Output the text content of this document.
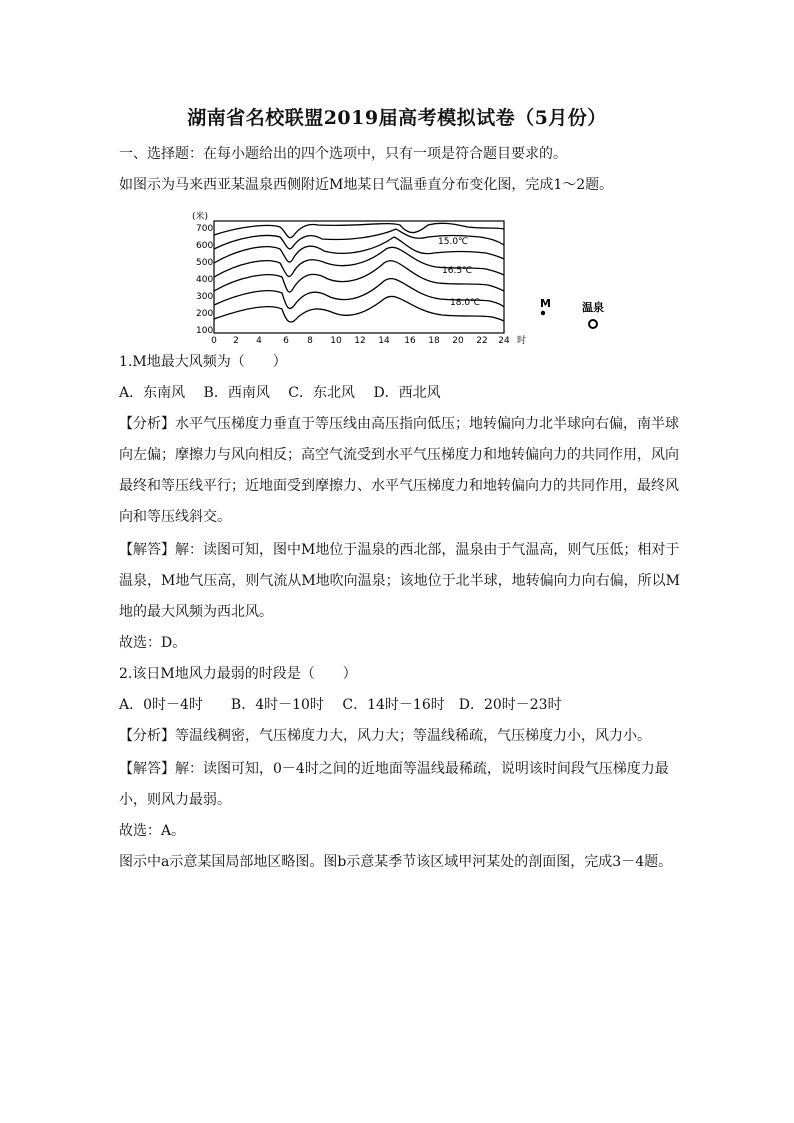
湖南省名校联盟2019届高考模拟试卷（5月份）
一、选择题：在每小题给出的四个选项中，只有一项是符合题目要求的。
如图示为马来西亚某温泉西侧附近M地某日气温垂直分布变化图，完成1～2题。
(米)
700
600
500
400
300
200
100
0 2 4 6 8 10 12 14 16 18 20 22 24 时
15.0℃
16.5℃
18.0℃	M	温泉
1.M地最大风频为（　　）
A．东南风　 B．西南风　 C．东北风　 D．西北风
【分析】水平气压梯度力垂直于等压线由高压指向低压；地转偏向力北半球向右偏，南半球
向左偏；摩擦力与风向相反；高空气流受到水平气压梯度力和地转偏向力的共同作用，风向
最终和等压线平行；近地面受到摩擦力、水平气压梯度力和地转偏向力的共同作用，最终风
向和等压线斜交。
【解答】解：读图可知，图中M地位于温泉的西北部，温泉由于气温高，则气压低；相对于
温泉，M地气压高，则气流从M地吹向温泉；该地位于北半球，地转偏向力向右偏，所以M
地的最大风频为西北风。
故选：D。
2.该日M地风力最弱的时段是（　　）
A．0时－4时　　B．4时－10时　 C．14时－16时　D．20时－23时
【分析】等温线稠密，气压梯度力大，风力大；等温线稀疏，气压梯度力小，风力小。
【解答】解：读图可知，0－4时之间的近地面等温线最稀疏，说明该时间段气压梯度力最
小，则风力最弱。
故选：A。
图示中a示意某国局部地区略图。图b示意某季节该区域甲河某处的剖面图，完成3－4题。
